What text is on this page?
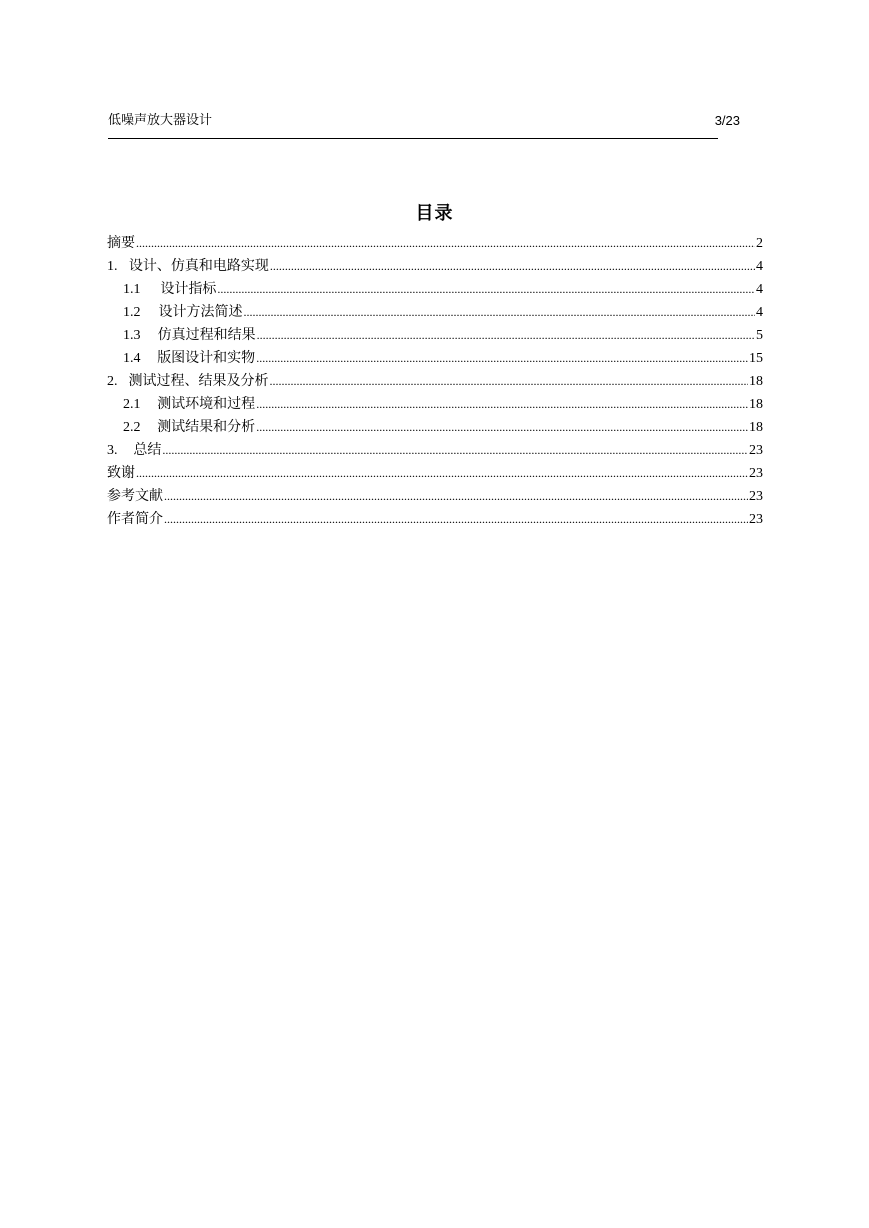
低噪声放大器设计	3/23
目录
摘要 .....	2
1. 设计、仿真和电路实现 .....	4
1.1	设计指标 .....	4
1.2	设计方法简述 .....	4
1.3	仿真过程和结果 .....	5
1.4	版图设计和实物 .....	15
2. 测试过程、结果及分析 .....	18
2.1	测试环境和过程 .....	18
2.2	测试结果和分析 .....	18
3.	总结 .....	23
致谢 .....	23
参考文献 .....	23
作者简介 .....	23
